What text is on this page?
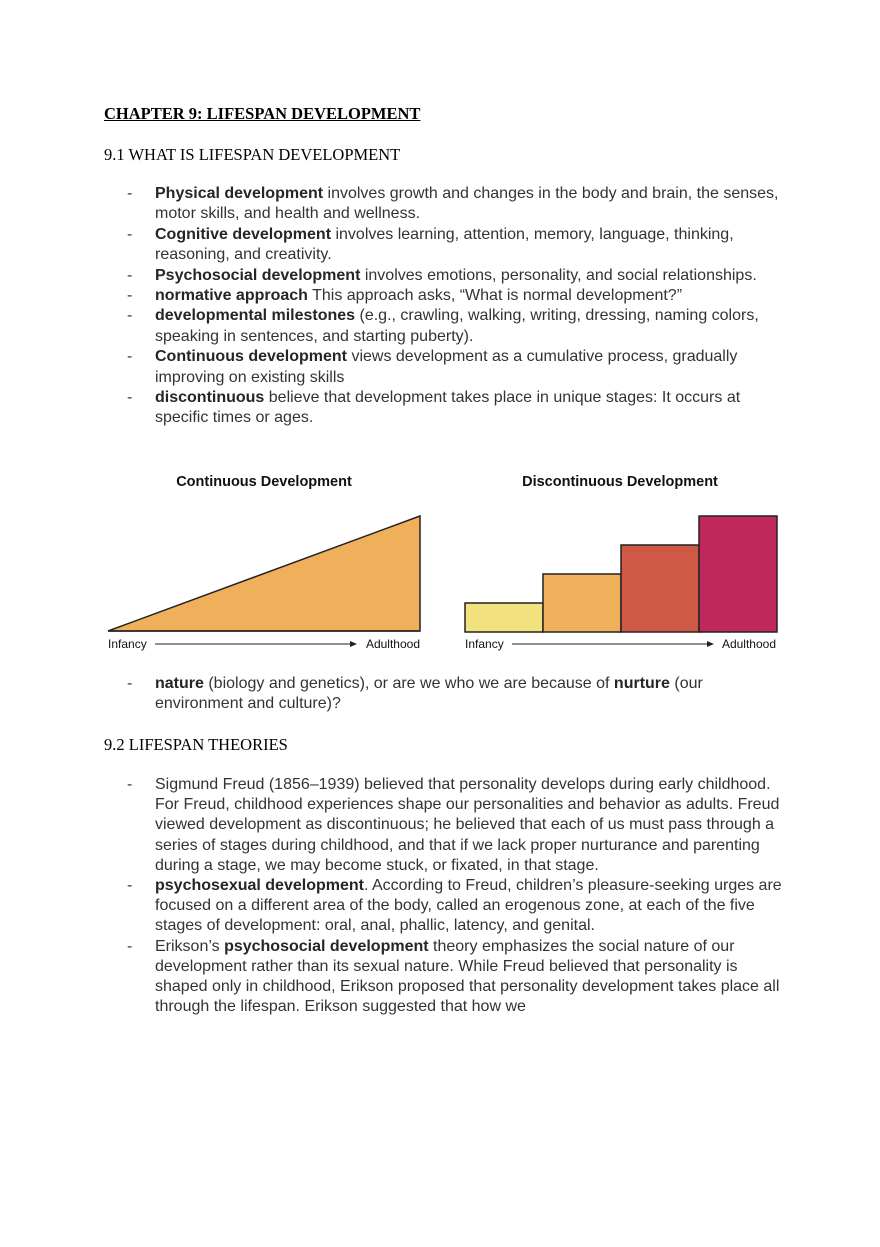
CHAPTER 9: LIFESPAN DEVELOPMENT
9.1 WHAT IS LIFESPAN DEVELOPMENT
- Physical development involves growth and changes in the body and brain, the senses, motor skills, and health and wellness.
- Cognitive development involves learning, attention, memory, language, thinking, reasoning, and creativity.
- Psychosocial development involves emotions, personality, and social relationships.
- normative approach This approach asks, “What is normal development?”
- developmental milestones (e.g., crawling, walking, writing, dressing, naming colors, speaking in sentences, and starting puberty).
- Continuous development views development as a cumulative process, gradually improving on existing skills
- discontinuous believe that development takes place in unique stages: It occurs at specific times or ages.
Continuous Development
Infancy	Adulthood
Discontinuous Development
Infancy	Adulthood
- nature (biology and genetics), or are we who we are because of nurture (our environment and culture)?
9.2 LIFESPAN THEORIES
- Sigmund Freud (1856–1939) believed that personality develops during early childhood. For Freud, childhood experiences shape our personalities and behavior as adults. Freud viewed development as discontinuous; he believed that each of us must pass through a series of stages during childhood, and that if we lack proper nurturance and parenting during a stage, we may become stuck, or fixated, in that stage.
- psychosexual development. According to Freud, children’s pleasure-seeking urges are focused on a different area of the body, called an erogenous zone, at each of the five stages of development: oral, anal, phallic, latency, and genital.
- Erikson’s psychosocial development theory emphasizes the social nature of our development rather than its sexual nature. While Freud believed that personality is shaped only in childhood, Erikson proposed that personality development takes place all through the lifespan. Erikson suggested that how we
